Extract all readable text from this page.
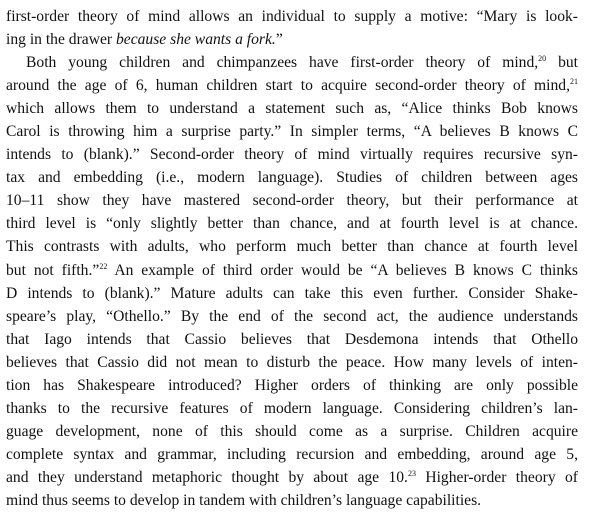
first-order theory of mind allows an individual to supply a motive: “Mary is look-
ing in the drawer because she wants a fork.”

Both young children and chimpanzees have first-order theory of mind,$^{20}$ but
around the age of 6, human children start to acquire second-order theory of mind,$^{21}$
which allows them to understand a statement such as, “Alice thinks Bob knows
Carol is throwing him a surprise party.” In simpler terms, “A believes B knows C
intends to (blank).” Second-order theory of mind virtually requires recursive syn-
tax and embedding (i.e., modern language). Studies of children between ages
10–11 show they have mastered second-order theory, but their performance at
third level is “only slightly better than chance, and at fourth level is at chance.
This contrasts with adults, who perform much better than chance at fourth level
but not fifth.”$^{22}$ An example of third order would be “A believes B knows C thinks
D intends to (blank).” Mature adults can take this even further. Consider Shake-
speare’s play, “Othello.” By the end of the second act, the audience understands
that Iago intends that Cassio believes that Desdemona intends that Othello
believes that Cassio did not mean to disturb the peace. How many levels of inten-
tion has Shakespeare introduced? Higher orders of thinking are only possible
thanks to the recursive features of modern language. Considering children’s lan-
guage development, none of this should come as a surprise. Children acquire
complete syntax and grammar, including recursion and embedding, around age 5,
and they understand metaphoric thought by about age 10.23 Higher-order theory of
mind thus seems to develop in tandem with children’s language capabilities.
